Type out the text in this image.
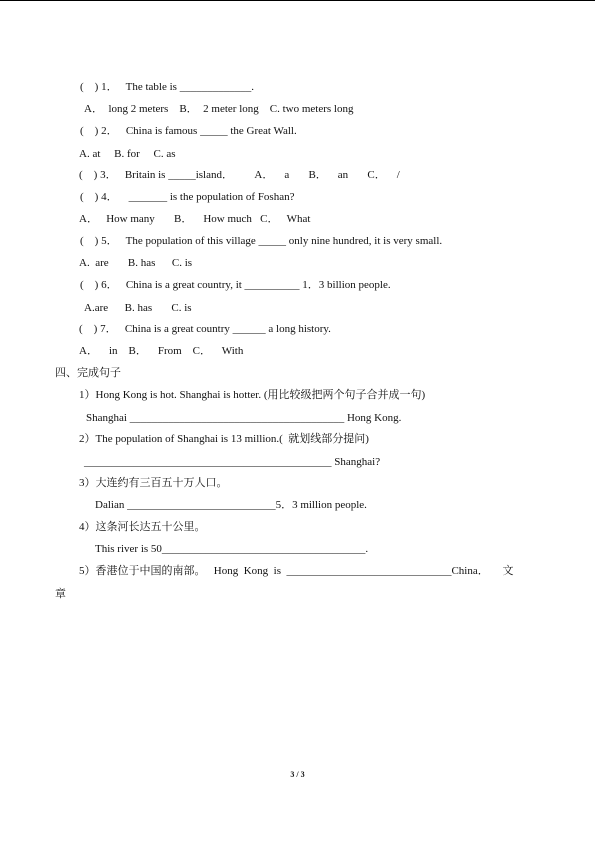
(    ) 1．   The table is _____________.
A．  long 2 meters    B．  2 meter long    C. two meters long
(    ) 2．   China is famous _____ the Great Wall.
A. at     B. for     C. as
(    ) 3．   Britain is _____island．        A．    a       B．    an       C．    /
(    ) 4．    _______ is the population of Foshan?
A．   How many       B．    How much   C．   What
(    ) 5．   The population of this village _____ only nine hundred, it is very small.
A.  are       B. has      C. is
(    ) 6．   China is a great country, it __________ 1．3 billion people.
A.are      B. has       C. is
(    ) 7．   China is a great country ______ a long history.
A．    in    B．    From    C．    With
四、完成句子
1）Hong Kong is hot. Shanghai is hotter. (用比较级把两个句子合并成一句)
Shanghai _______________________________________ Hong Kong.
2）The population of Shanghai is 13 million.(  就划线部分提问)
_____________________________________________ Shanghai?
3）大连约有三百五十万人口。
Dalian ___________________________5．3 million people.
4）这条河长达五十公里。
This river is 50_____________________________________.
5）香港位于中国的南部。   Hong  Kong  is  ______________________________China．     文
章
3 / 3
